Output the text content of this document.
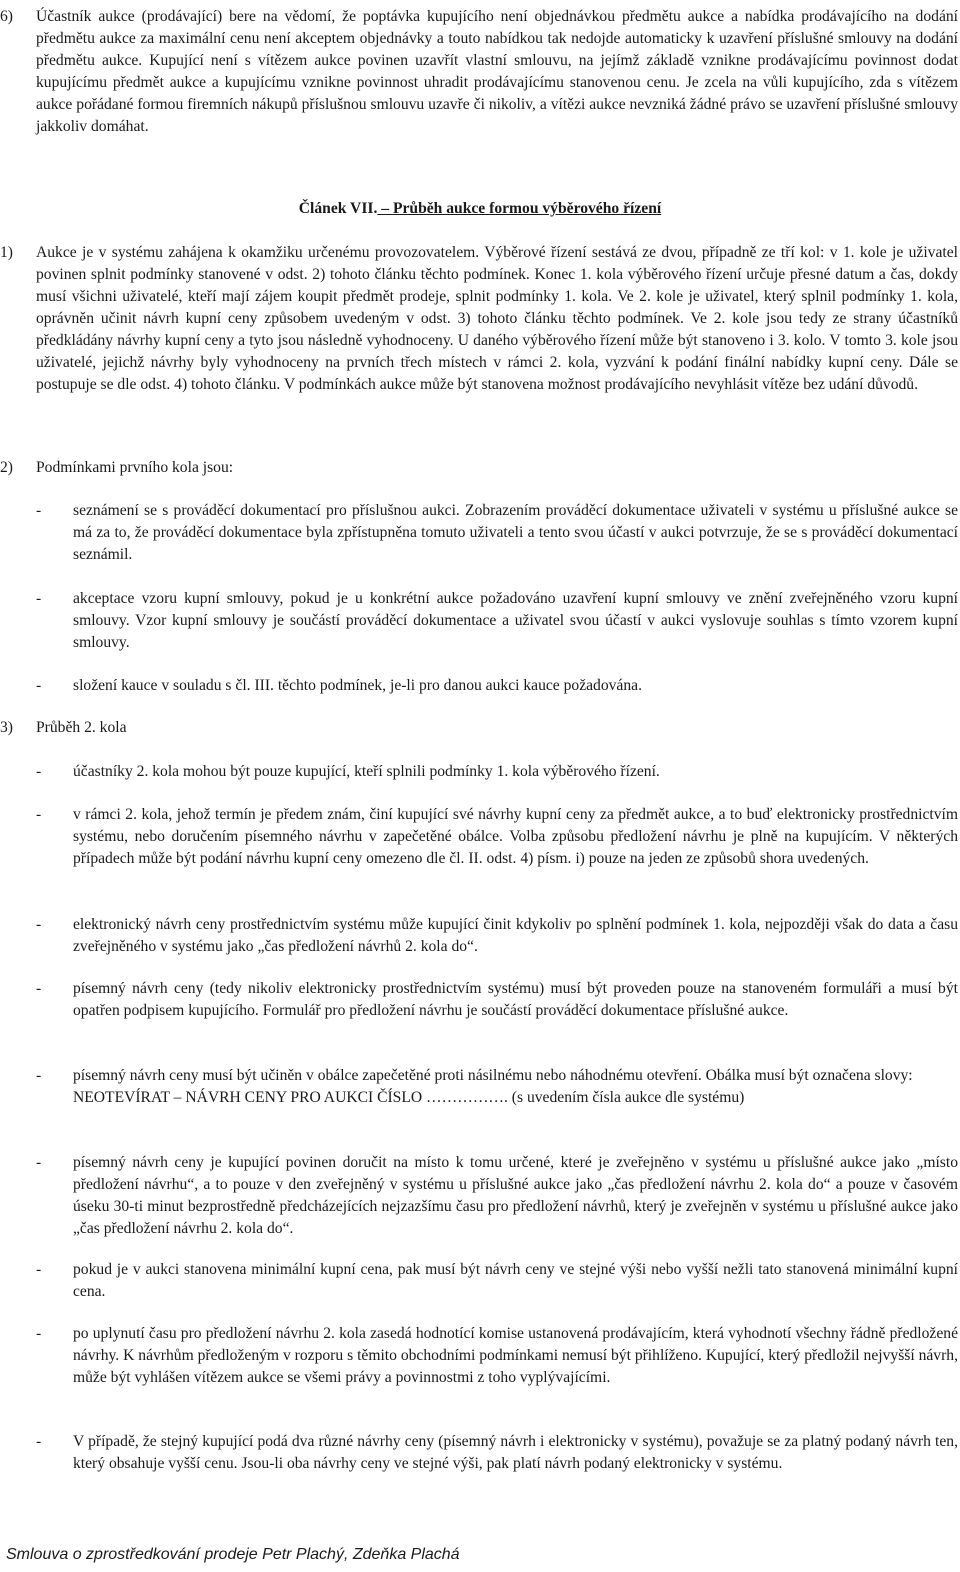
6)	Účastník aukce (prodávající) bere na vědomí, že poptávka kupujícího není objednávkou předmětu aukce a nabídka prodávajícího na dodání předmětu aukce za maximální cenu není akceptem objednávky a touto nabídkou tak nedojde automaticky k uzavření příslušné smlouvy na dodání předmětu aukce. Kupující není s vítězem aukce povinen uzavřít vlastní smlouvu, na jejímž základě vznikne prodávajícímu povinnost dodat kupujícímu předmět aukce a kupujícímu vznikne povinnost uhradit prodávajícímu stanovenou cenu. Je zcela na vůli kupujícího, zda s vítězem aukce pořádané formou firemních nákupů příslušnou smlouvu uzavře či nikoliv, a vítězi aukce nevzniká žádné právo se uzavření příslušné smlouvy jakkoliv domáhat.

Článek VII. – Průběh aukce formou výběrového řízení
1)	Aukce je v systému zahájena k okamžiku určenému provozovatelem. Výběrové řízení sestává ze dvou, případně ze tří kol: v 1. kole je uživatel povinen splnit podmínky stanovené v odst. 2) tohoto článku těchto podmínek. Konec 1. kola výběrového řízení určuje přesné datum a čas, dokdy musí všichni uživatelé, kteří mají zájem koupit předmět prodeje, splnit podmínky 1. kola. Ve 2. kole je uživatel, který splnil podmínky 1. kola, oprávněn učinit návrh kupní ceny způsobem uvedeným v odst. 3) tohoto článku těchto podmínek. Ve 2. kole jsou tedy ze strany účastníků předkládány návrhy kupní ceny a tyto jsou následně vyhodnoceny. U daného výběrového řízení může být stanoveno i 3. kolo. V tomto 3. kole jsou uživatelé, jejichž návrhy byly vyhodnoceny na prvních třech místech v rámci 2. kola, vyzvání k podání finální nabídky kupní ceny. Dále se postupuje se dle odst. 4) tohoto článku. V podmínkách aukce může být stanovena možnost prodávajícího nevyhlásit vítěze bez udání důvodů.

2)	Podmínkami prvního kola jsou:

-	seznámení se s prováděcí dokumentací pro příslušnou aukci. Zobrazením prováděcí dokumentace uživateli v systému u příslušné aukce se má za to, že prováděcí dokumentace byla zpřístupněna tomuto uživateli a tento svou účastí v aukci potvrzuje, že se s prováděcí dokumentací seznámil.

-	akceptace vzoru kupní smlouvy, pokud je u konkrétní aukce požadováno uzavření kupní smlouvy ve znění zveřejněného vzoru kupní smlouvy. Vzor kupní smlouvy je součástí prováděcí dokumentace a uživatel svou účastí v aukci vyslovuje souhlas s tímto vzorem kupní smlouvy.

-	složení kauce v souladu s čl. III. těchto podmínek, je-li pro danou aukci kauce požadována.

3)	Průběh 2. kola

-	účastníky 2. kola mohou být pouze kupující, kteří splnili podmínky 1. kola výběrového řízení.

-	v rámci 2. kola, jehož termín je předem znám, činí kupující své návrhy kupní ceny za předmět aukce, a to buď elektronicky prostřednictvím systému, nebo doručením písemného návrhu v zapečetěné obálce. Volba způsobu předložení návrhu je plně na kupujícím. V některých případech může být podání návrhu kupní ceny omezeno dle čl. II. odst. 4) písm. i) pouze na jeden ze způsobů shora uvedených.

-	elektronický návrh ceny prostřednictvím systému může kupující činit kdykoliv po splnění podmínek 1. kola, nejpozději však do data a času zveřejněného v systému jako „čas předložení návrhů 2. kola do“.

-	písemný návrh ceny (tedy nikoliv elektronicky prostřednictvím systému) musí být proveden pouze na stanoveném formuláři a musí být opatřen podpisem kupujícího. Formulář pro předložení návrhu je součástí prováděcí dokumentace příslušné aukce.

-	písemný návrh ceny musí být učiněn v obálce zapečetěné proti násilnému nebo náhodnému otevření. Obálka musí být označena slovy:

NEOTEVÍRAT – NÁVRH CENY PRO AUKCI ČÍSLO ……………. (s uvedením čísla aukce dle systému)

-	písemný návrh ceny je kupující povinen doručit na místo k tomu určené, které je zveřejněno v systému u příslušné aukce jako „místo předložení návrhu“, a to pouze v den zveřejněný v systému u příslušné aukce jako „čas předložení návrhu 2. kola do“ a pouze v časovém úseku 30-ti minut bezprostředně předcházejících nejzazšímu času pro předložení návrhů, který je zveřejněn v systému u příslušné aukce jako „čas předložení návrhu 2. kola do“.

-	pokud je v aukci stanovena minimální kupní cena, pak musí být návrh ceny ve stejné výši nebo vyšší nežli tato stanovená minimální kupní cena.

-	po uplynutí času pro předložení návrhu 2. kola zasedá hodnotící komise ustanovená prodávajícím, která vyhodnotí všechny řádně předložené návrhy. K návrhům předloženým v rozporu s těmito obchodními podmínkami nemusí být přihlíženo. Kupující, který předložil nejvyšší návrh, může být vyhlášen vítězem aukce se všemi právy a povinnostmi z toho vyplývajícími.

-	V případě, že stejný kupující podá dva různé návrhy ceny (písemný návrh i elektronicky v systému), považuje se za platný podaný návrh ten, který obsahuje vyšší cenu. Jsou-li oba návrhy ceny ve stejné výši, pak platí návrh podaný elektronicky v systému.

Smlouva o zprostředkování prodeje Petr Plachý, Zdeňka Plachá
